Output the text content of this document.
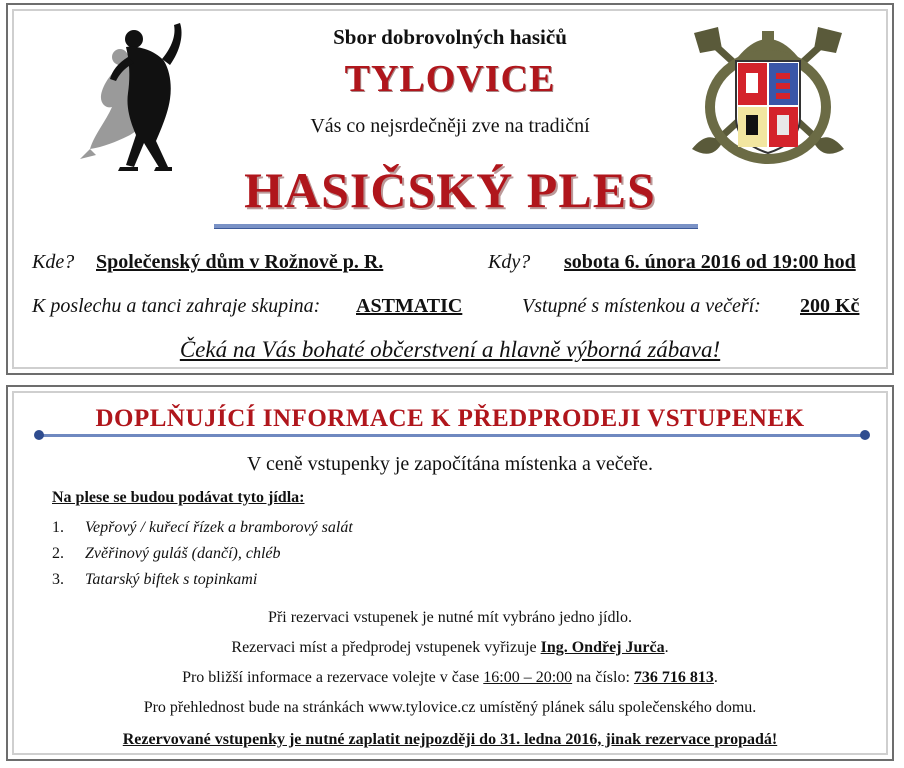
Sbor dobrovolných hasičů
TYLOVICE
Vás co nejsrdečněji zve na tradiční
HASIČSKÝ PLES
Kde? Společenský dům v Rožnově p. R.	Kdy? sobota 6. února 2016 od 19:00 hod
K poslechu a tanci zahraje skupina: ASTMATIC	Vstupné s místenkou a večeří: 200 Kč
Čeká na Vás bohaté občerstvení a hlavně výborná zábava!
DOPLŇUJÍCÍ INFORMACE K PŘEDPRODEJI VSTUPENEK
V ceně vstupenky je započítána místenka a večeře.
Na plese se budou podávat tyto jídla:
1. Vepřový / kuřecí řízek a bramborový salát
2. Zvěřinový guláš (dančí), chléb
3. Tatarský biftek s topinkami
Při rezervaci vstupenek je nutné mít vybráno jedno jídlo.
Rezervaci míst a předprodej vstupenek vyřizuje Ing. Ondřej Jurča.
Pro bližší informace a rezervace volejte v čase 16:00 – 20:00 na číslo: 736 716 813.
Pro přehlednost bude na stránkách www.tylovice.cz umístěný plánek sálu společenského domu.
Rezervované vstupenky je nutné zaplatit nejpozději do 31. ledna 2016, jinak rezervace propadá!
